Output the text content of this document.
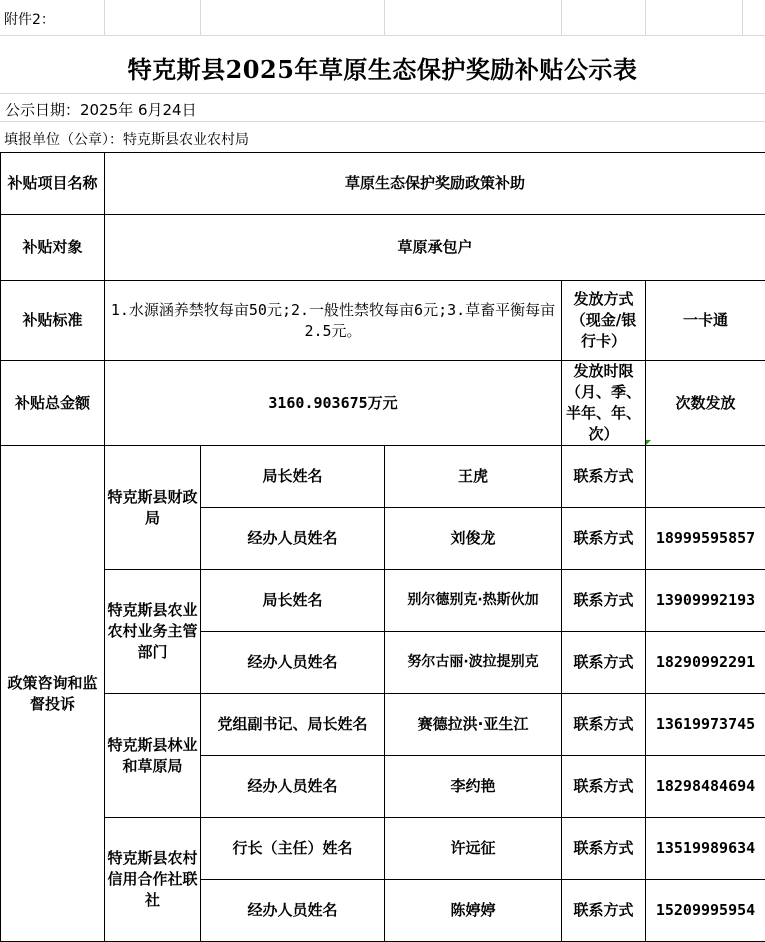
附件2：
特克斯县2025年草原生态保护奖励补贴公示表
公示日期：2025年 6月24日
填报单位（公章）：特克斯县农业农村局
补贴项目名称	草原生态保护奖励政策补助				
补贴对象	草原承包户				
补贴标准	1.水源涵养禁牧每亩50元;2.一般性禁牧每亩6元;3.草畜平衡每亩2.5元。			发放方式（现金/银行卡）	一卡通
补贴总金额	3160.903675万元			发放时限（月、季、半年、年、次）	次数发放
政策咨询和监督投诉	特克斯县财政局	局长姓名	王虎	联系方式	
		经办人员姓名	刘俊龙	联系方式	18999595857
	特克斯县农业农村业务主管部门	局长姓名	别尔德别克·热斯伙加	联系方式	13909992193
		经办人员姓名	努尔古丽·波拉提别克	联系方式	18290992291
	特克斯县林业和草原局	党组副书记、局长姓名	赛德拉洪·亚生江	联系方式	13619973745
		经办人员姓名	李约艳	联系方式	18298484694
	特克斯县农村信用合作社联社	行长（主任）姓名	许远征	联系方式	13519989634
		经办人员姓名	陈婷婷	联系方式	15209995954
